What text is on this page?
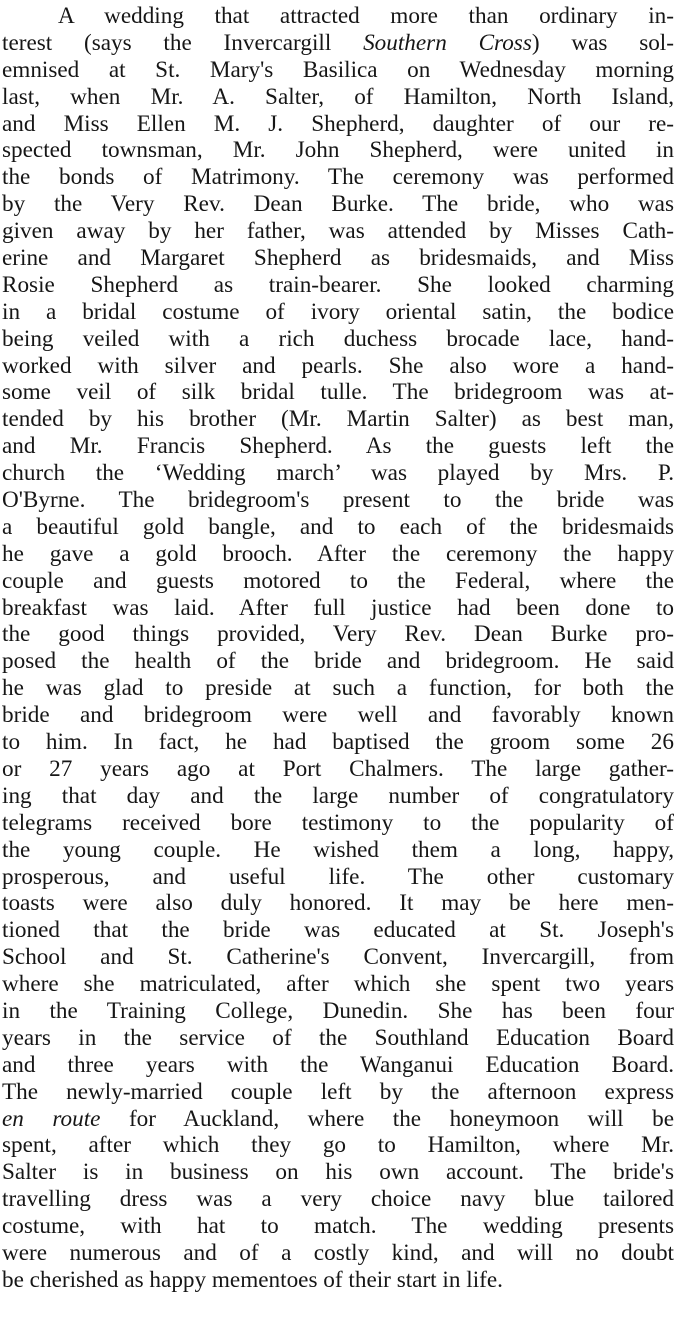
A wedding that attracted more than ordinary in-
terest (says the Invercargill Southern Cross) was sol-
emnised at St. Mary's Basilica on Wednesday morning
last, when Mr. A. Salter, of Hamilton, North Island,
and Miss Ellen M. J. Shepherd, daughter of our re-
spected townsman, Mr. John Shepherd, were united in
the bonds of Matrimony. The ceremony was performed
by the Very Rev. Dean Burke. The bride, who was
given away by her father, was attended by Misses Cath-
erine and Margaret Shepherd as bridesmaids, and Miss
Rosie Shepherd as train-bearer. She looked charming
in a bridal costume of ivory oriental satin, the bodice
being veiled with a rich duchess brocade lace, hand-
worked with silver and pearls. She also wore a hand-
some veil of silk bridal tulle. The bridegroom was at-
tended by his brother (Mr. Martin Salter) as best man,
and Mr. Francis Shepherd. As the guests left the
church the ‘Wedding march’ was played by Mrs. P.
O'Byrne. The bridegroom's present to the bride was
a beautiful gold bangle, and to each of the bridesmaids
he gave a gold brooch. After the ceremony the happy
couple and guests motored to the Federal, where the
breakfast was laid. After full justice had been done to
the good things provided, Very Rev. Dean Burke pro-
posed the health of the bride and bridegroom. He said
he was glad to preside at such a function, for both the
bride and bridegroom were well and favorably known
to him. In fact, he had baptised the groom some 26
or 27 years ago at Port Chalmers. The large gather-
ing that day and the large number of congratulatory
telegrams received bore testimony to the popularity of
the young couple. He wished them a long, happy,
prosperous, and useful life. The other customary
toasts were also duly honored. It may be here men-
tioned that the bride was educated at St. Joseph's
School and St. Catherine's Convent, Invercargill, from
where she matriculated, after which she spent two years
in the Training College, Dunedin. She has been four
years in the service of the Southland Education Board
and three years with the Wanganui Education Board.
The newly-married couple left by the afternoon express
en route for Auckland, where the honeymoon will be
spent, after which they go to Hamilton, where Mr.
Salter is in business on his own account. The bride's
travelling dress was a very choice navy blue tailored
costume, with hat to match. The wedding presents
were numerous and of a costly kind, and will no doubt
be cherished as happy mementoes of their start in life.
